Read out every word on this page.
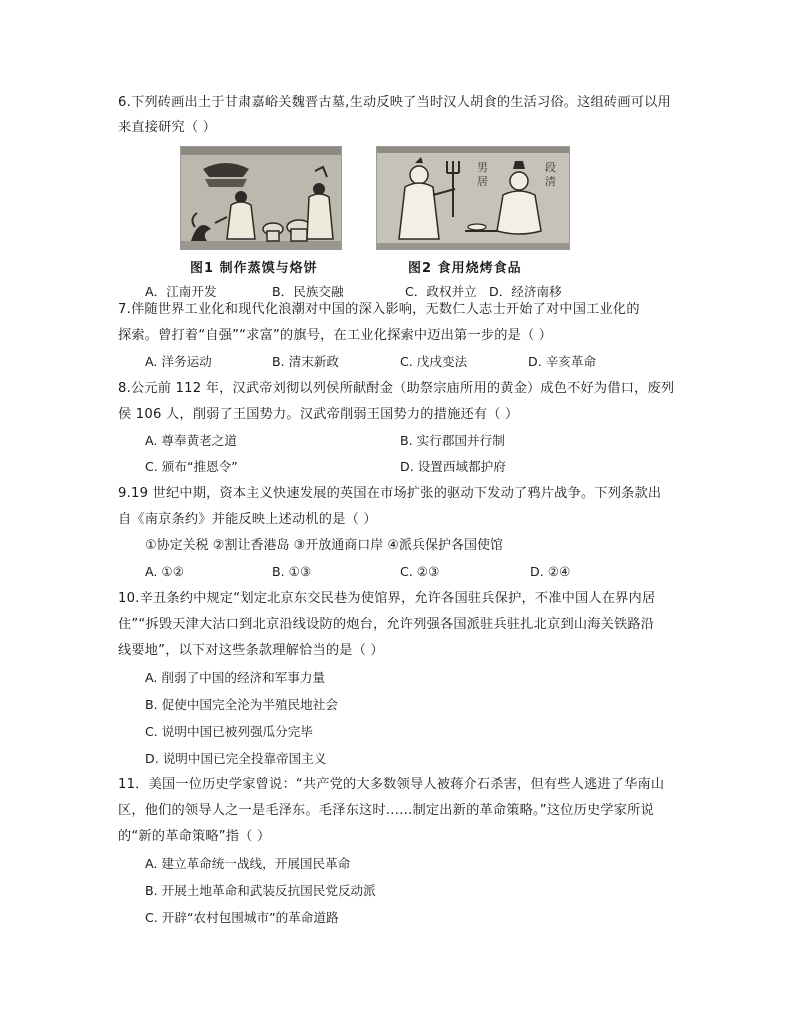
6.下列砖画出土于甘肃嘉峪关魏晋古墓,生动反映了当时汉人胡食的生活习俗。这组砖画可以用
来直接研究（ ）
男
居
段
清
图1 制作蒸馍与烙饼	图2 食用烧烤食品
A．江南开发	B．民族交融	C．政权并立 D．经济南移
7.伴随世界工业化和现代化浪潮对中国的深入影响，无数仁人志士开始了对中国工业化的
探索。曾打着“自强”“求富”的旗号，在工业化探索中迈出第一步的是（ ）
A. 洋务运动	B. 清末新政	C. 戊戌变法	D. 辛亥革命
8.公元前 112 年，汉武帝刘彻以列侯所献酎金（助祭宗庙所用的黄金）成色不好为借口，废列
侯 106 人，削弱了王国势力。汉武帝削弱王国势力的措施还有（ ）
A. 尊奉黄老之道	B. 实行郡国并行制
C. 颁布“推恩令”	D. 设置西域都护府
9.19 世纪中期，资本主义快速发展的英国在市场扩张的驱动下发动了鸦片战争。下列条款出
自《南京条约》并能反映上述动机的是（ ）
①协定关税 ②割让香港岛 ③开放通商口岸 ④派兵保护各国使馆
A. ①②	B. ①③	C. ②③	D. ②④
10.辛丑条约中规定“划定北京东交民巷为使馆界，允许各国驻兵保护，不准中国人在界内居
住”“拆毁天津大沽口到北京沿线设防的炮台，允许列强各国派驻兵驻扎北京到山海关铁路沿
线要地”，以下对这些条款理解恰当的是（ ）
A. 削弱了中国的经济和军事力量
B. 促使中国完全沦为半殖民地社会
C. 说明中国已被列强瓜分完毕
D. 说明中国已完全投靠帝国主义
11．美国一位历史学家曾说：“共产党的大多数领导人被蒋介石杀害，但有些人逃进了华南山
区，他们的领导人之一是毛泽东。毛泽东这时……制定出新的革命策略。”这位历史学家所说
的“新的革命策略”指（ ）
A. 建立革命统一战线，开展国民革命
B. 开展土地革命和武装反抗国民党反动派
C. 开辟“农村包围城市”的革命道路
